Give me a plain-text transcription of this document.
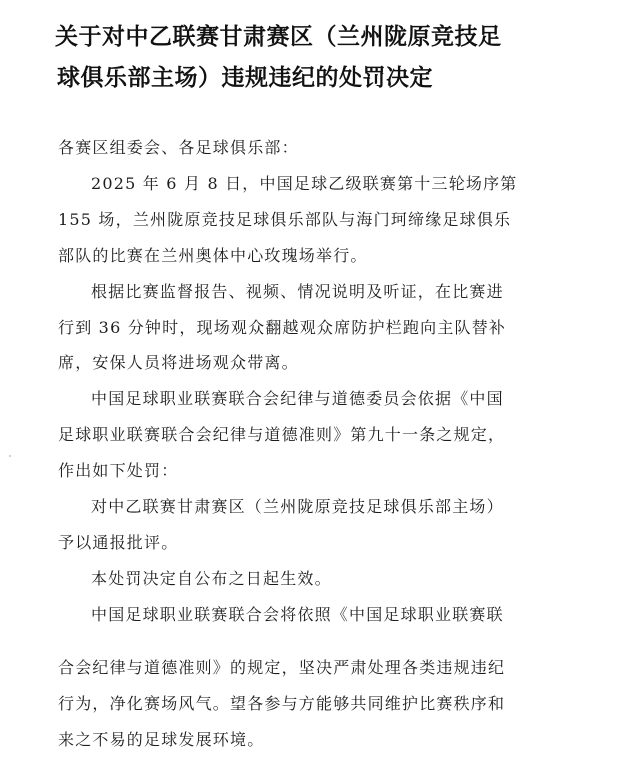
关于对中乙联赛甘肃赛区（兰州陇原竞技足
球俱乐部主场）违规违纪的处罚决定
各赛区组委会、各足球俱乐部：
2025 年 6 月 8 日，中国足球乙级联赛第十三轮场序第
155 场，兰州陇原竞技足球俱乐部队与海门珂缔缘足球俱乐
部队的比赛在兰州奥体中心玫瑰场举行。
根据比赛监督报告、视频、情况说明及听证，在比赛进
行到 36 分钟时，现场观众翻越观众席防护栏跑向主队替补
席，安保人员将进场观众带离。
中国足球职业联赛联合会纪律与道德委员会依据《中国
足球职业联赛联合会纪律与道德准则》第九十一条之规定，
作出如下处罚：
对中乙联赛甘肃赛区（兰州陇原竞技足球俱乐部主场）
予以通报批评。
本处罚决定自公布之日起生效。
中国足球职业联赛联合会将依照《中国足球职业联赛联
合会纪律与道德准则》的规定，坚决严肃处理各类违规违纪
行为，净化赛场风气。望各参与方能够共同维护比赛秩序和
来之不易的足球发展环境。
